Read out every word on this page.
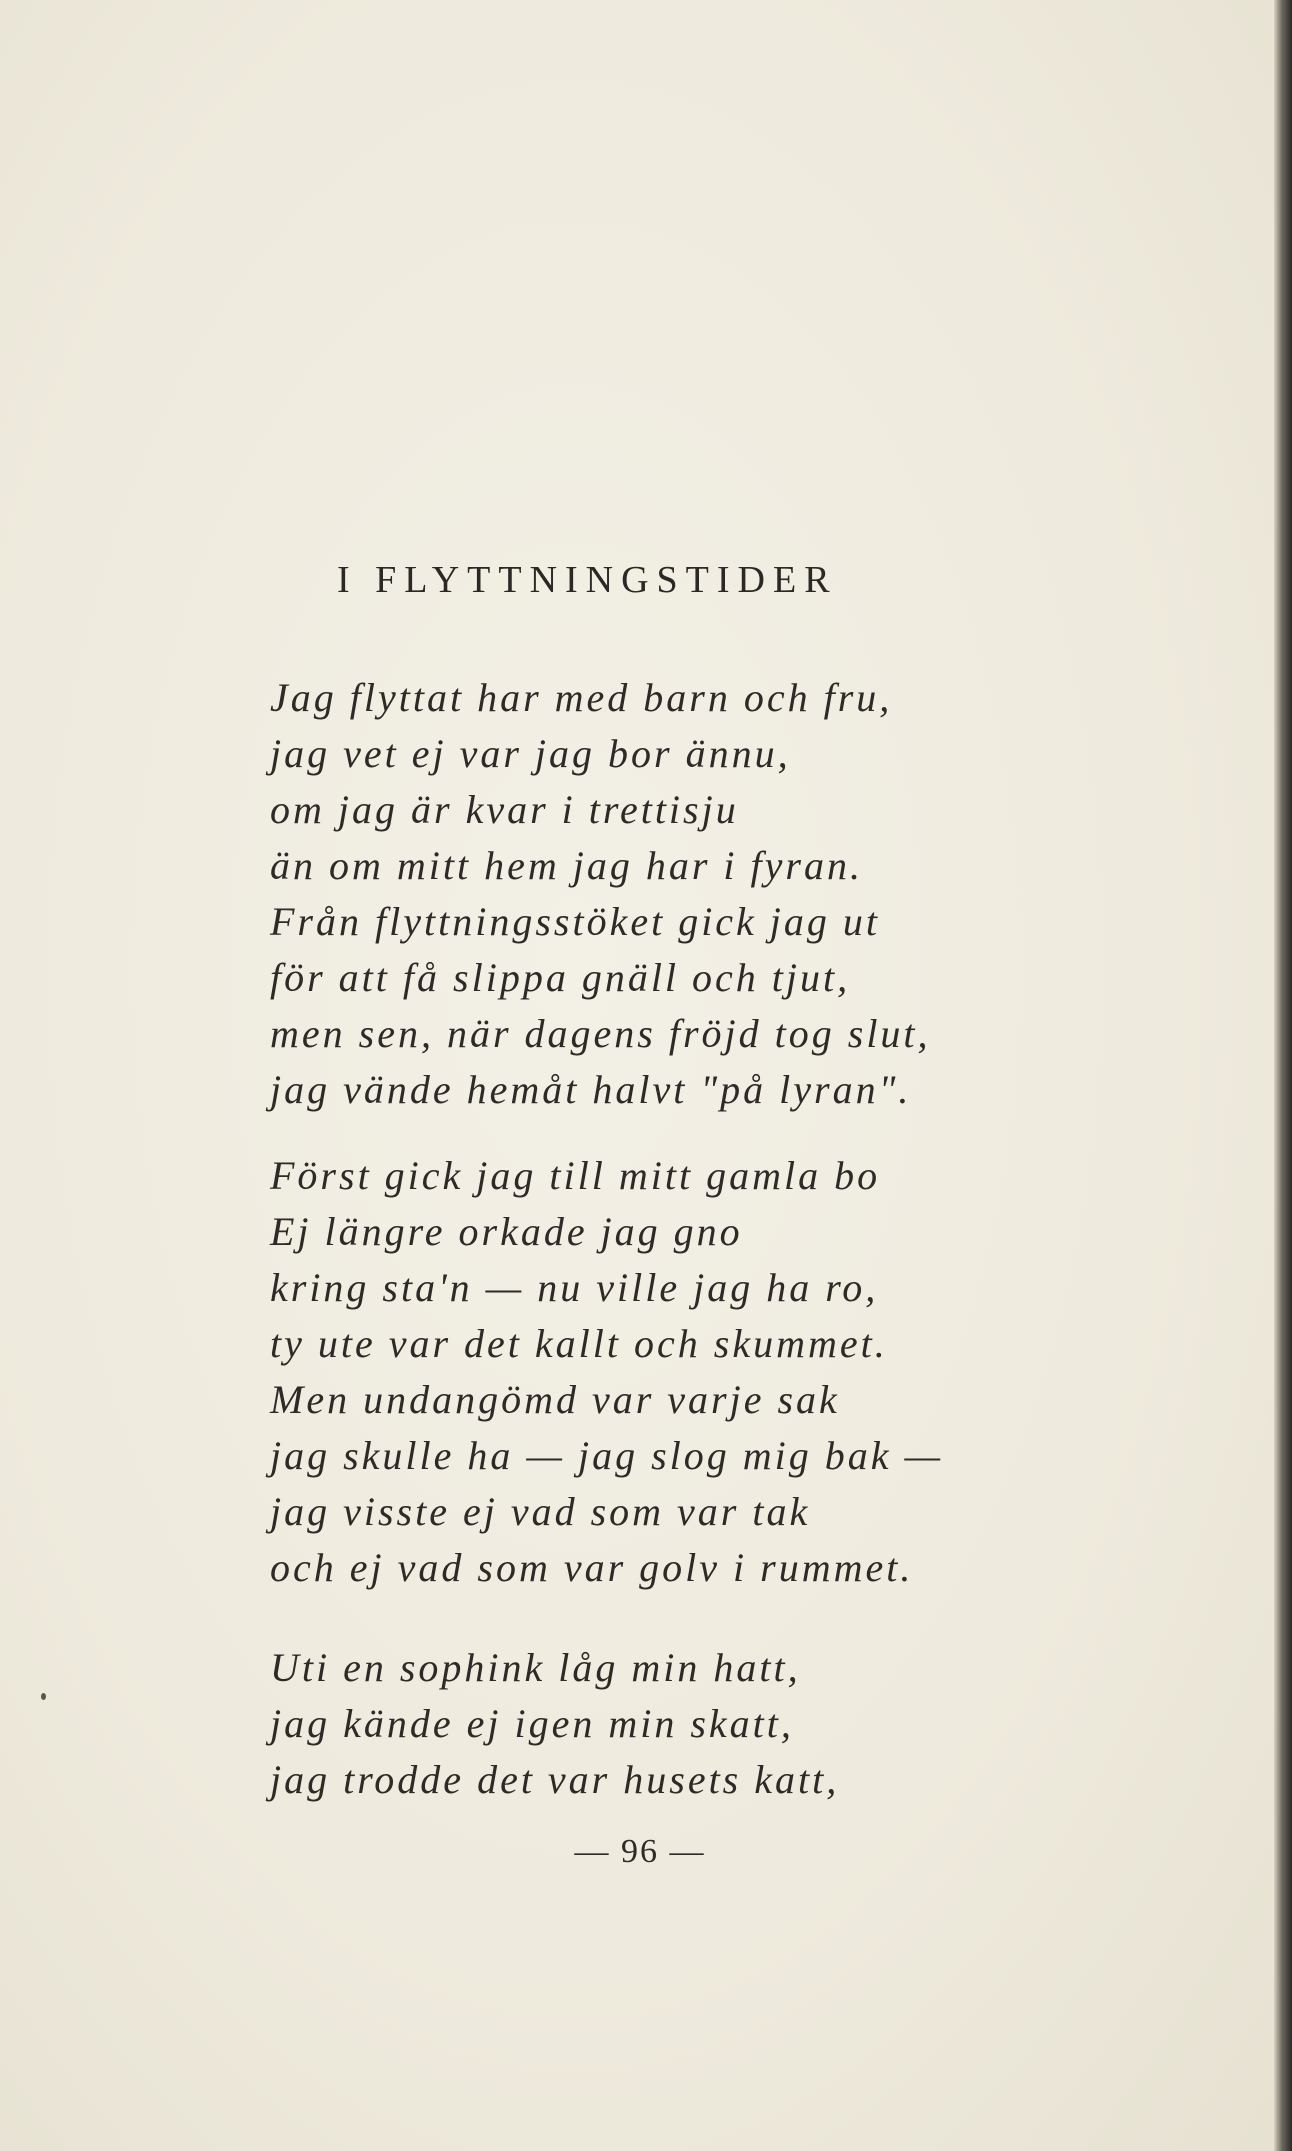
I FLYTTNINGSTIDER
Jag flyttat har med barn och fru,
jag vet ej var jag bor ännu,
om jag är kvar i trettisju
än om mitt hem jag har i fyran.
Från flyttningsstöket gick jag ut
för att få slippa gnäll och tjut,
men sen, när dagens fröjd tog slut,
jag vände hemåt halvt "på lyran".
Först gick jag till mitt gamla bo
Ej längre orkade jag gno
kring sta'n — nu ville jag ha ro,
ty ute var det kallt och skummet.
Men undangömd var varje sak
jag skulle ha — jag slog mig bak —
jag visste ej vad som var tak
och ej vad som var golv i rummet.
Uti en sophink låg min hatt,
jag kände ej igen min skatt,
jag trodde det var husets katt,
— 96 —
